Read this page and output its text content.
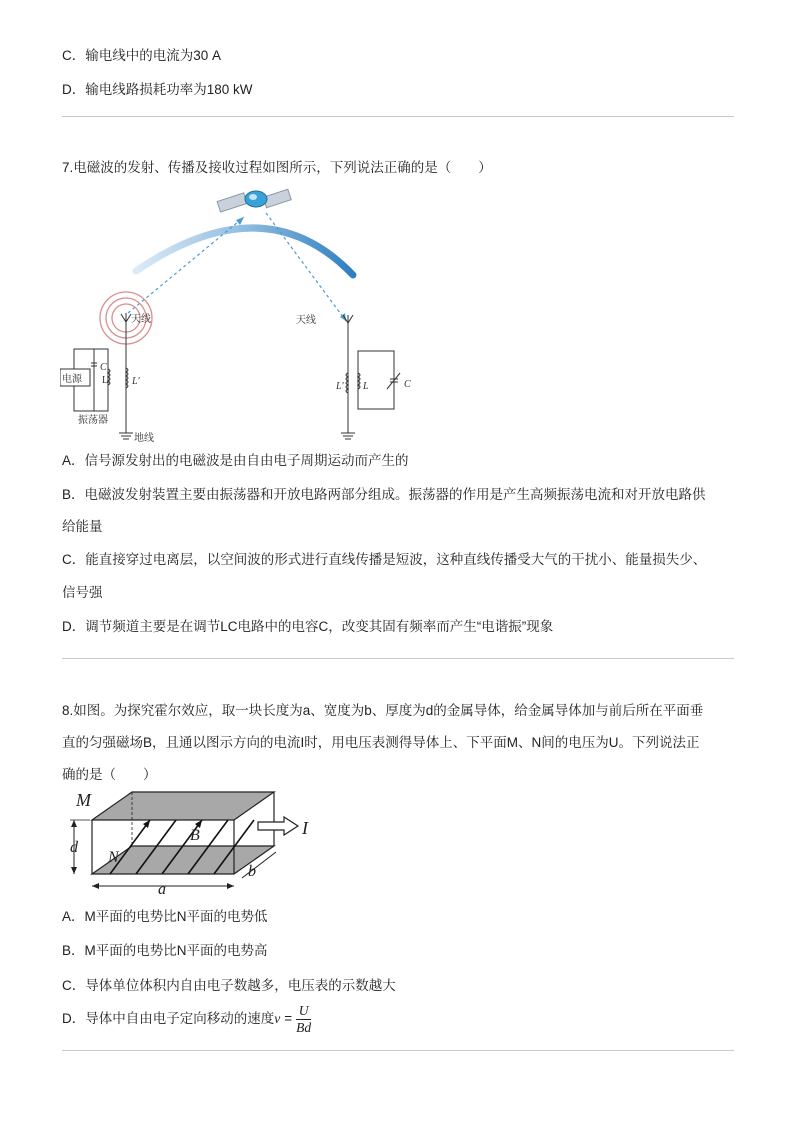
C．输电线中的电流为30 A
D．输电线路损耗功率为180 kW
7.电磁波的发射、传播及接收过程如图所示，下列说法正确的是（　　）
天线
L′
C
L
电源
振荡器
地线
天线
L′ L	C
A．信号源发射出的电磁波是由自由电子周期运动而产生的
B．电磁波发射装置主要由振荡器和开放电路两部分组成。振荡器的作用是产生高频振荡电流和对开放电路供
给能量
C．能直接穿过电离层，以空间波的形式进行直线传播是短波，这种直线传播受大气的干扰小、能量损失少、
信号强
D．调节频道主要是在调节LC电路中的电容C，改变其固有频率而产生“电谐振”现象
8.如图。为探究霍尔效应，取一块长度为a、宽度为b、厚度为d的金属导体，给金属导体加与前后所在平面垂
直的匀强磁场B，且通以图示方向的电流I时，用电压表测得导体上、下平面M、N间的电压为U。下列说法正
确的是（　　）
M
N
B	I
d
a
b
A．M平面的电势比N平面的电势低
B．M平面的电势比N平面的电势高
C．导体单位体积内自由电子数越多，电压表的示数越大
D．导体中自由电子定向移动的速度$v = \frac{U}{Bd}$
